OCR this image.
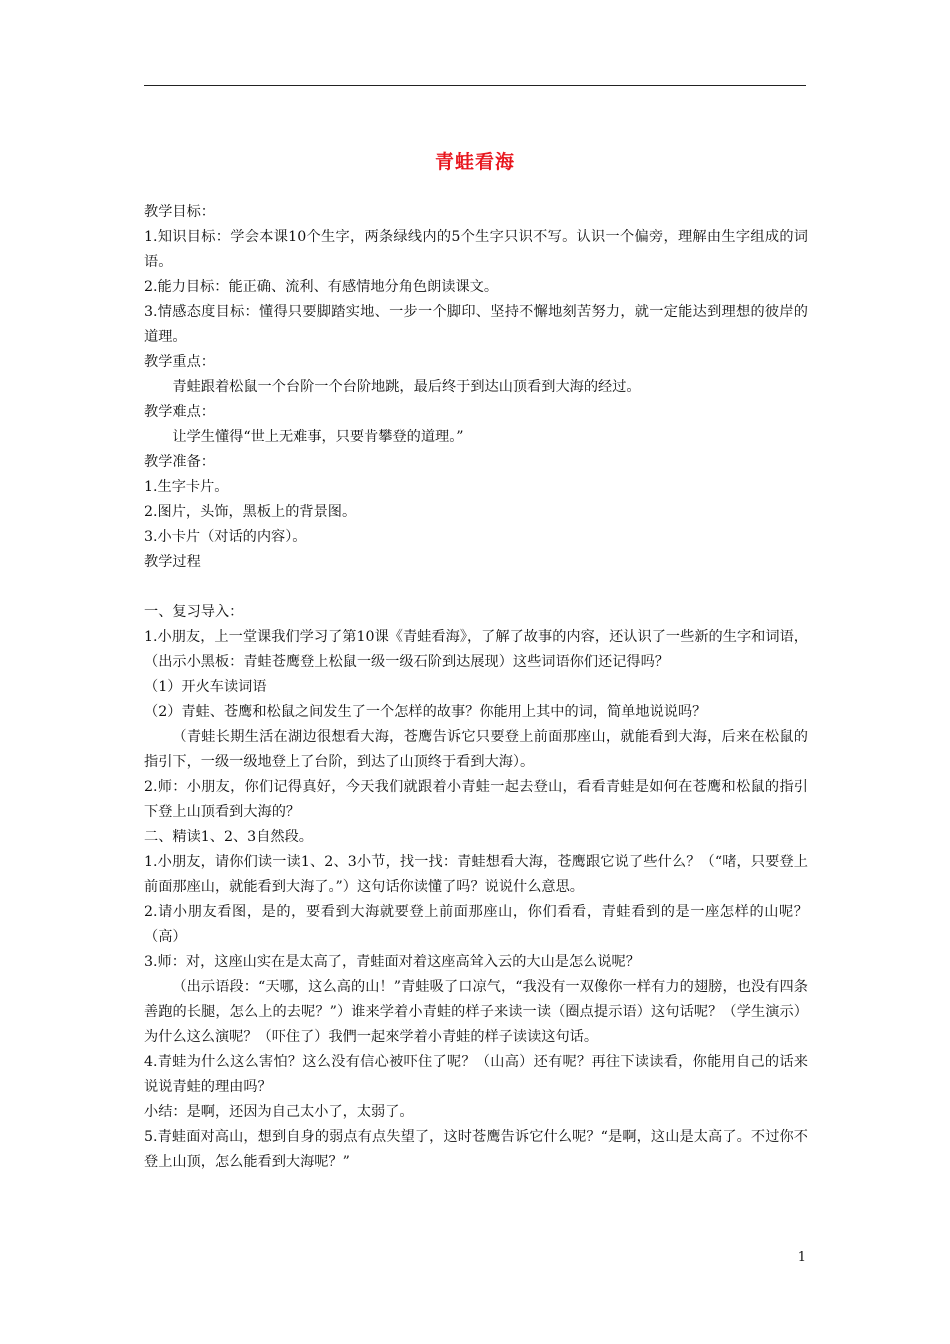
青蛙看海

教学目标：

1.知识目标：学会本课10个生字，两条绿线内的5个生字只识不写。认识一个偏旁，理解由生字组成的词语。

2.能力目标：能正确、流利、有感情地分角色朗读课文。

3.情感态度目标：懂得只要脚踏实地、一步一个脚印、坚持不懈地刻苦努力，就一定能达到理想的彼岸的道理。

教学重点：

青蛙跟着松鼠一个台阶一个台阶地跳，最后终于到达山顶看到大海的经过。

教学难点：

让学生懂得“世上无难事，只要肯攀登的道理。”

教学准备：

1.生字卡片。

2.图片，头饰，黑板上的背景图。

3.小卡片（对话的内容）。

教学过程

一、复习导入：

1.小朋友，上一堂课我们学习了第10课《青蛙看海》，了解了故事的内容，还认识了一些新的生字和词语，（出示小黑板：青蛙苍鹰登上松鼠一级一级石阶到达展现）这些词语你们还记得吗？

（1）开火车读词语

（2）青蛙、苍鹰和松鼠之间发生了一个怎样的故事？你能用上其中的词，简单地说说吗？

（青蛙长期生活在湖边很想看大海，苍鹰告诉它只要登上前面那座山，就能看到大海，后来在松鼠的指引下，一级一级地登上了台阶，到达了山顶终于看到大海）。

2.师：小朋友，你们记得真好，今天我们就跟着小青蛙一起去登山，看看青蛙是如何在苍鹰和松鼠的指引下登上山顶看到大海的？

二、精读1、2、3自然段。

1.小朋友，请你们读一读1、2、3小节，找一找：青蛙想看大海，苍鹰跟它说了些什么？（“啫，只要登上前面那座山，就能看到大海了。”）这句话你读懂了吗？说说什么意思。

2.请小朋友看图，是的，要看到大海就要登上前面那座山，你们看看，青蛙看到的是一座怎样的山呢？（高）

3.师：对，这座山实在是太高了，青蛙面对着这座高耸入云的大山是怎么说呢？

（出示语段：“天哪，这么高的山！”青蛙吸了口凉气，“我没有一双像你一样有力的翅膀，也没有四条善跑的长腿，怎么上的去呢？”）谁来学着小青蛙的样子来读一读（圈点提示语）这句话呢？（学生演示）为什么这么演呢？（吓住了）我們一起來学着小青蛙的样子读读这句话。

4.青蛙为什么这么害怕？这么没有信心被吓住了呢？（山高）还有呢？再往下读读看，你能用自己的话来说说青蛙的理由吗？

小结：是啊，还因为自己太小了，太弱了。

5.青蛙面对高山，想到自身的弱点有点失望了，这时苍鹰告诉它什么呢？“是啊，这山是太高了。不过你不登上山顶，怎么能看到大海呢？”

1
